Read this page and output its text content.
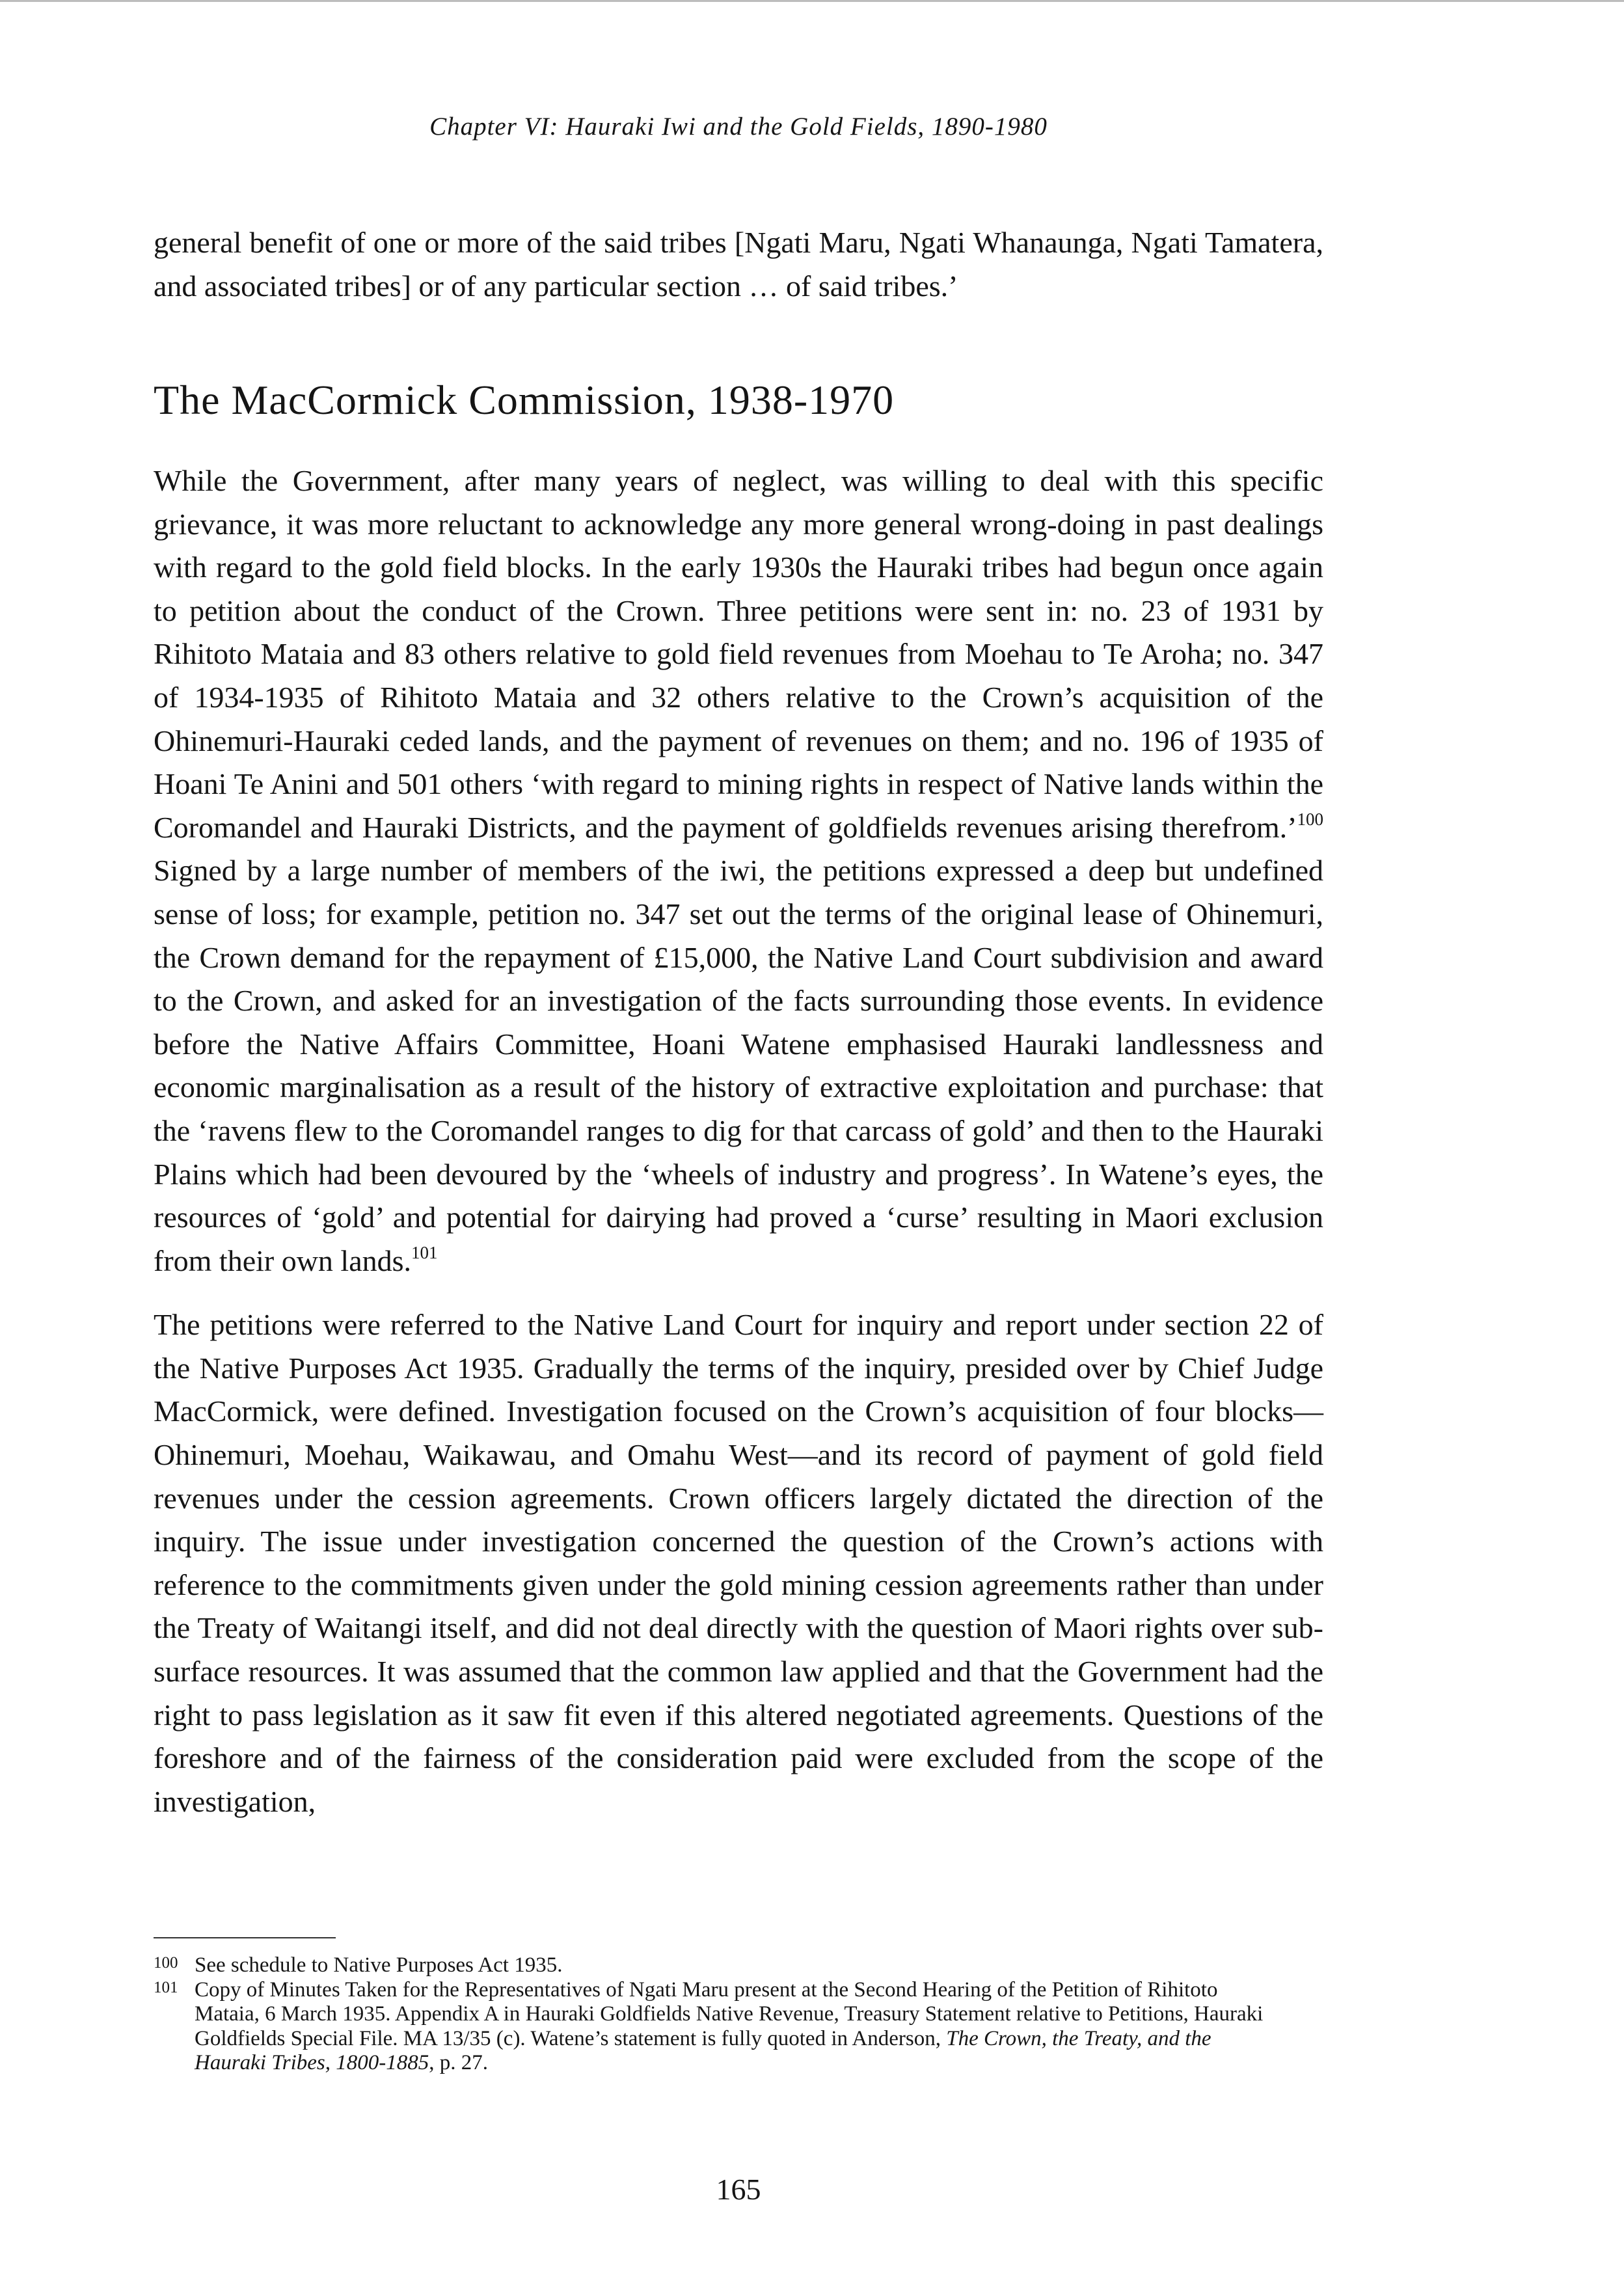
Chapter VI: Hauraki Iwi and the Gold Fields, 1890-1980

general benefit of one or more of the said tribes [Ngati Maru, Ngati Whanaunga, Ngati Tamatera, and associated tribes] or of any particular section … of said tribes.’

The MacCormick Commission, 1938-1970

While the Government, after many years of neglect, was willing to deal with this specific grievance, it was more reluctant to acknowledge any more general wrong-doing in past dealings with regard to the gold field blocks. In the early 1930s the Hauraki tribes had begun once again to petition about the conduct of the Crown. Three petitions were sent in: no. 23 of 1931 by Rihitoto Mataia and 83 others relative to gold field revenues from Moehau to Te Aroha; no. 347 of 1934-1935 of Rihitoto Mataia and 32 others relative to the Crown’s acquisition of the Ohinemuri-Hauraki ceded lands, and the payment of revenues on them; and no. 196 of 1935 of Hoani Te Anini and 501 others ‘with regard to mining rights in respect of Native lands within the Coromandel and Hauraki Districts, and the payment of goldfields revenues arising therefrom.’$^{100}$ Signed by a large number of members of the iwi, the petitions expressed a deep but undefined sense of loss; for example, petition no. 347 set out the terms of the original lease of Ohinemuri, the Crown demand for the repayment of £15,000, the Native Land Court subdivision and award to the Crown, and asked for an investigation of the facts surrounding those events. In evidence before the Native Affairs Committee, Hoani Watene emphasised Hauraki landlessness and economic marginalisation as a result of the history of extractive exploitation and purchase: that the ‘ravens flew to the Coromandel ranges to dig for that carcass of gold’ and then to the Hauraki Plains which had been devoured by the ‘wheels of industry and progress’. In Watene’s eyes, the resources of ‘gold’ and potential for dairying had proved a ‘curse’ resulting in Maori exclusion from their own lands.$^{101}$

The petitions were referred to the Native Land Court for inquiry and report under section 22 of the Native Purposes Act 1935. Gradually the terms of the inquiry, presided over by Chief Judge MacCormick, were defined. Investigation focused on the Crown’s acquisition of four blocks—Ohinemuri, Moehau, Waikawau, and Omahu West—and its record of payment of gold field revenues under the cession agreements. Crown officers largely dictated the direction of the inquiry. The issue under investigation concerned the question of the Crown’s actions with reference to the commitments given under the gold mining cession agreements rather than under the Treaty of Waitangi itself, and did not deal directly with the question of Maori rights over sub-surface resources. It was assumed that the common law applied and that the Government had the right to pass legislation as it saw fit even if this altered negotiated agreements. Questions of the foreshore and of the fairness of the consideration paid were excluded from the scope of the investigation,

100 See schedule to Native Purposes Act 1935.
101 Copy of Minutes Taken for the Representatives of Ngati Maru present at the Second Hearing of the Petition of Rihitoto Mataia, 6 March 1935. Appendix A in Hauraki Goldfields Native Revenue, Treasury Statement relative to Petitions, Hauraki Goldfields Special File. MA 13/35 (c). Watene’s statement is fully quoted in Anderson, The Crown, the Treaty, and the Hauraki Tribes, 1800-1885, p. 27.
165
